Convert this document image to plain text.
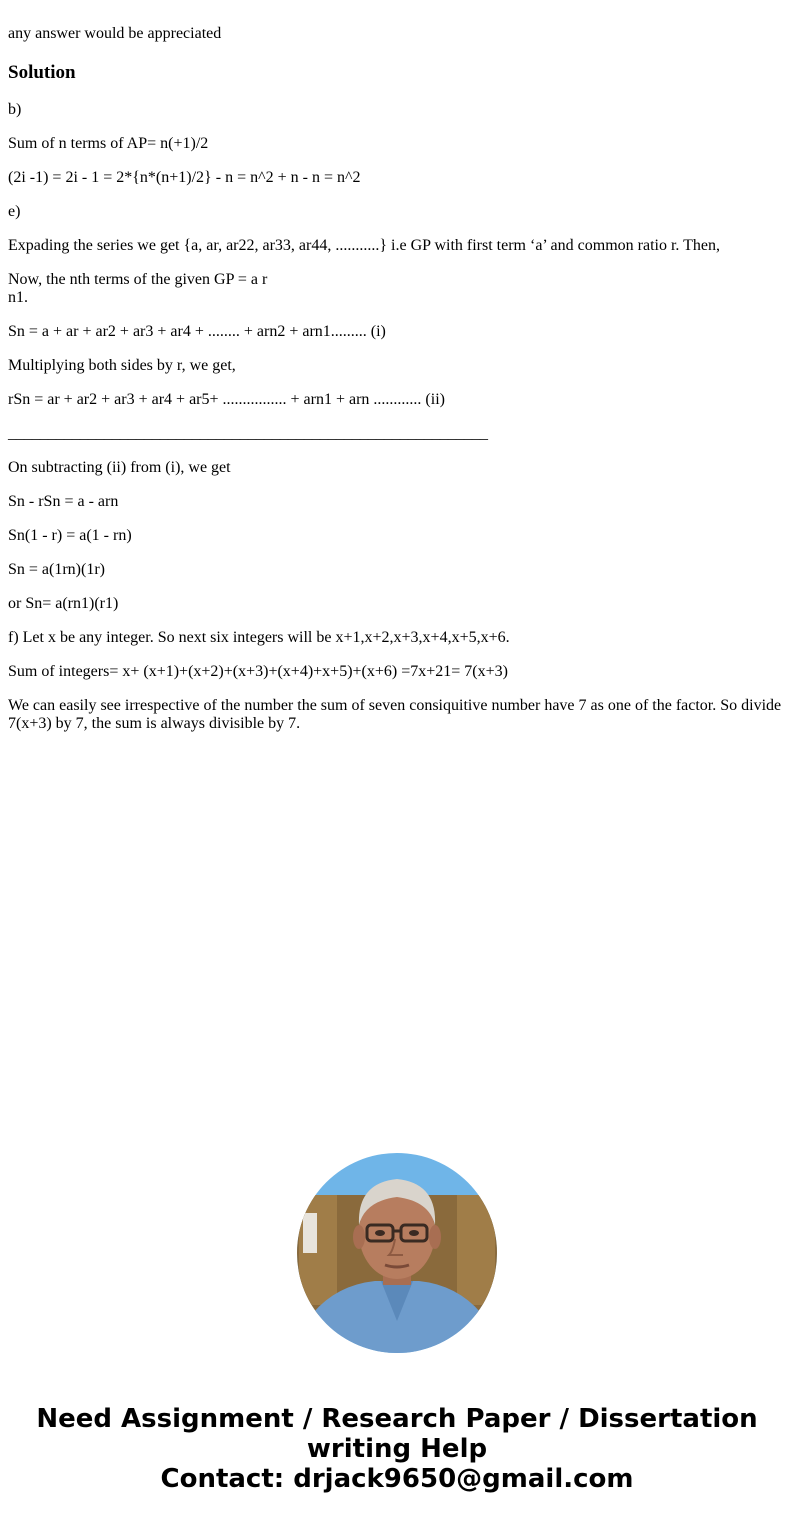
any answer would be appreciated

Solution

b)

Sum of n terms of AP= n(+1)/2

(2i -1) = 2i - 1 = 2*{n*(n+1)/2} - n = n^2 + n - n = n^2

e)

Expading the series we get {a, ar, ar22, ar33, ar44, ...........} i.e GP with first term ‘a’ and common ratio r. Then,

Now, the nth terms of the given GP = a r
n1.

Sn = a + ar + ar2 + ar3 + ar4 + ........ + arn2 + arn1......... (i)

Multiplying both sides by r, we get,

rSn = ar + ar2 + ar3 + ar4 + ar5+ ................ + arn1 + arn ............ (ii)

____________________________________________________________

On subtracting (ii) from (i), we get

Sn - rSn = a - arn

Sn(1 - r) = a(1 - rn)

Sn = a(1rn)(1r)

or Sn= a(rn1)(r1)

f) Let x be any integer. So next six integers will be x+1,x+2,x+3,x+4,x+5,x+6.

Sum of integers= x+ (x+1)+(x+2)+(x+3)+(x+4)+x+5)+(x+6) =7x+21= 7(x+3)

We can easily see irrespective of the number the sum of seven consiquitive number have 7 as one of the factor. So divide 7(x+3) by 7, the sum is always divisible by 7.

Need Assignment / Research Paper / Dissertation
writing Help
Contact: drjack9650@gmail.com
